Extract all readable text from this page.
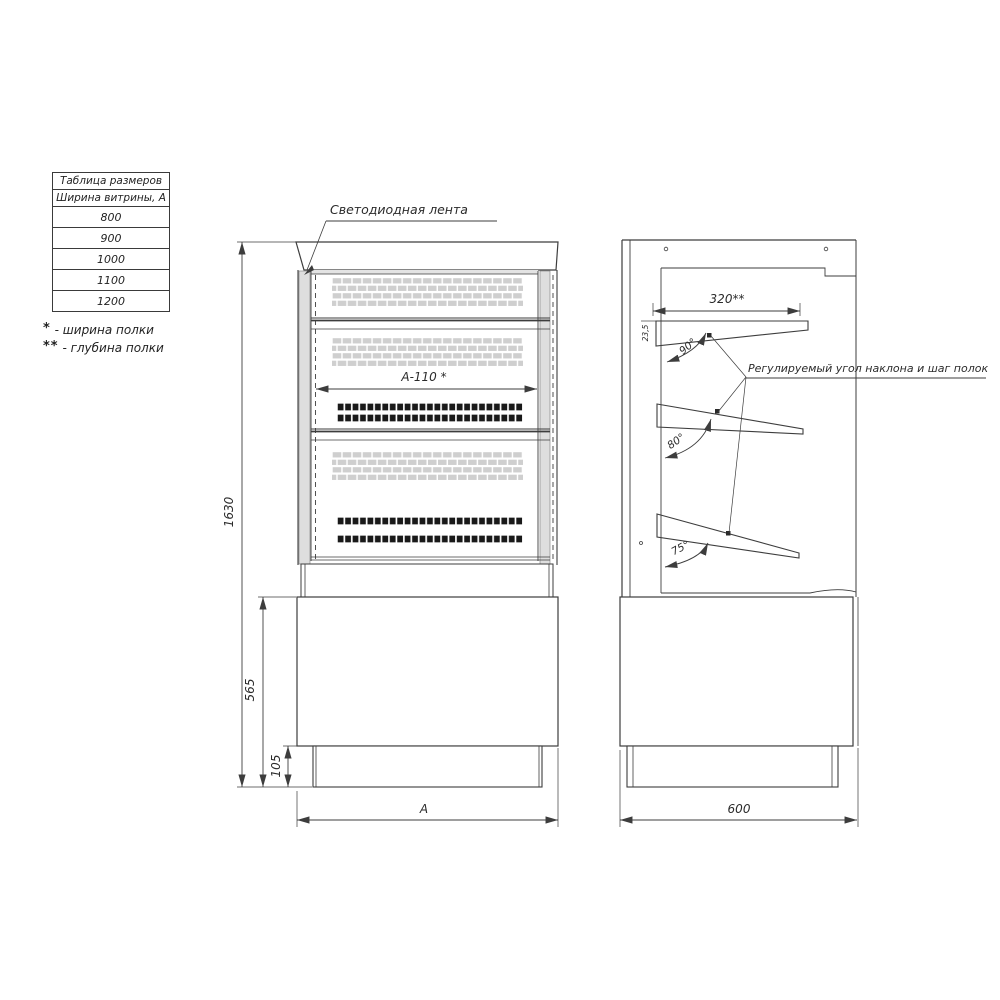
Таблица размеров
Ширина витрины, А
800
900
1000
1100
1200
* - ширина полки
** - глубина полки
Светодиодная лента
1630
565
105
А
А-110 *
90°
80°
75°
Регулируемый угол наклона и шаг полок
320**
23,5
600
